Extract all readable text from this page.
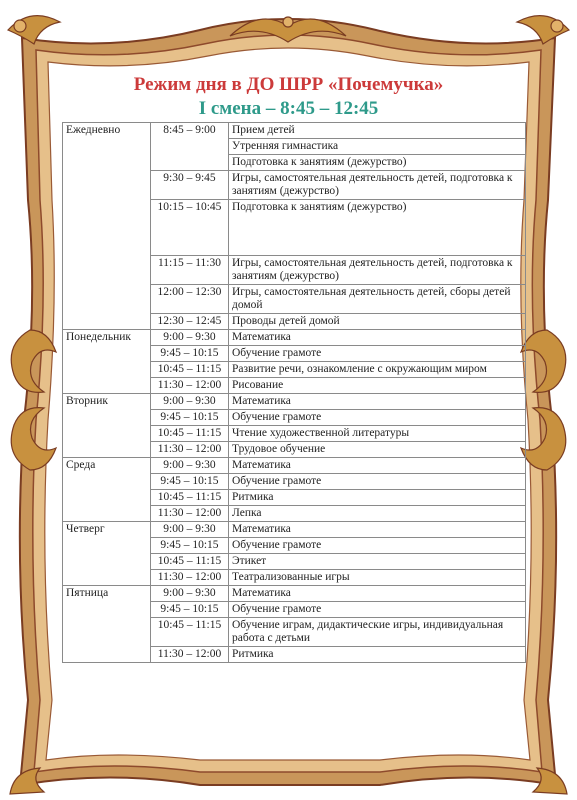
Режим дня в ДО ШРР «Почемучка»
I смена – 8:45 – 12:45
Ежедневно	8:45 – 9:00	Прием детей
		Утренняя гимнастика
		Подготовка к занятиям (дежурство)
	9:30 – 9:45	Игры, самостоятельная деятельность детей, подготовка к занятиям (дежурство)
	10:15 – 10:45	Подготовка к занятиям (дежурство)
	11:15 – 11:30	Игры, самостоятельная деятельность детей, подготовка к занятиям (дежурство)
	12:00 – 12:30	Игры, самостоятельная деятельность детей, сборы детей домой
	12:30 – 12:45	Проводы детей домой
Понедельник	9:00 – 9:30	Математика
	9:45 – 10:15	Обучение грамоте
	10:45 – 11:15	Развитие речи, ознакомление с окружающим миром
	11:30 – 12:00	Рисование
Вторник	9:00 – 9:30	Математика
	9:45 – 10:15	Обучение грамоте
	10:45 – 11:15	Чтение художественной литературы
	11:30 – 12:00	Трудовое обучение
Среда	9:00 – 9:30	Математика
	9:45 – 10:15	Обучение грамоте
	10:45 – 11:15	Ритмика
	11:30 – 12:00	Лепка
Четверг	9:00 – 9:30	Математика
	9:45 – 10:15	Обучение грамоте
	10:45 – 11:15	Этикет
	11:30 – 12:00	Театрализованные игры
Пятница	9:00 – 9:30	Математика
	9:45 – 10:15	Обучение грамоте
	10:45 – 11:15	Обучение играм, дидактические игры, индивидуальная работа с детьми
	11:30 – 12:00	Ритмика
